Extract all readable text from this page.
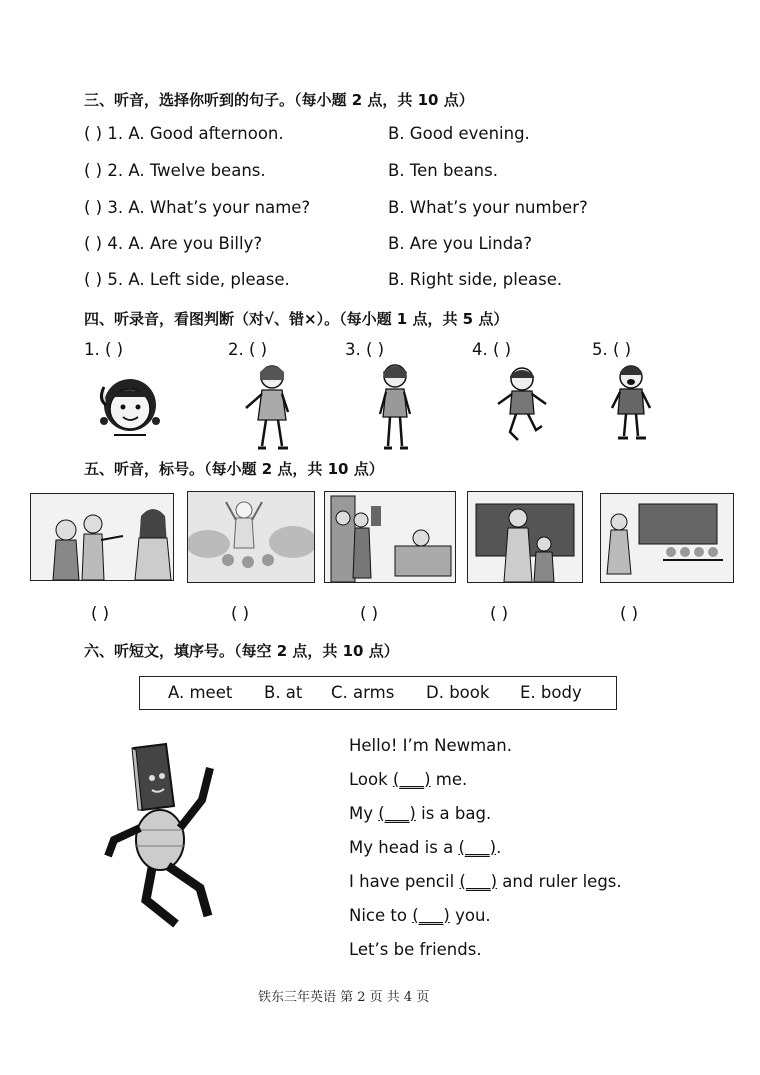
三、听音，选择你听到的句子。（每小题 2 点，共 10 点）
( ) 1. A. Good afternoon.	B. Good evening.
( ) 2. A. Twelve beans.	B. Ten beans.
( ) 3. A. What’s your name?	B. What’s your number?
( ) 4. A. Are you Billy?	B. Are you Linda?
( ) 5. A. Left side, please.	B. Right side, please.
四、听录音，看图判断（对√、错×）。（每小题 1 点，共 5 点）
1. ( )	2. ( )	3. ( )	4. ( )	5. ( )
五、听音，标号。（每小题 2 点，共 10 点）
( )	( )	( )	( )	( )
六、听短文，填序号。（每空 2 点，共 10 点）
A. meet B. at C. arms D. book E. body
Hello! I’m Newman.
Look (___) me.
My (___) is a bag.
My head is a (___).
I have pencil (___) and ruler legs.
Nice to (___) you.
Let’s be friends.
铁东三年英语 第 2 页 共 4 页
